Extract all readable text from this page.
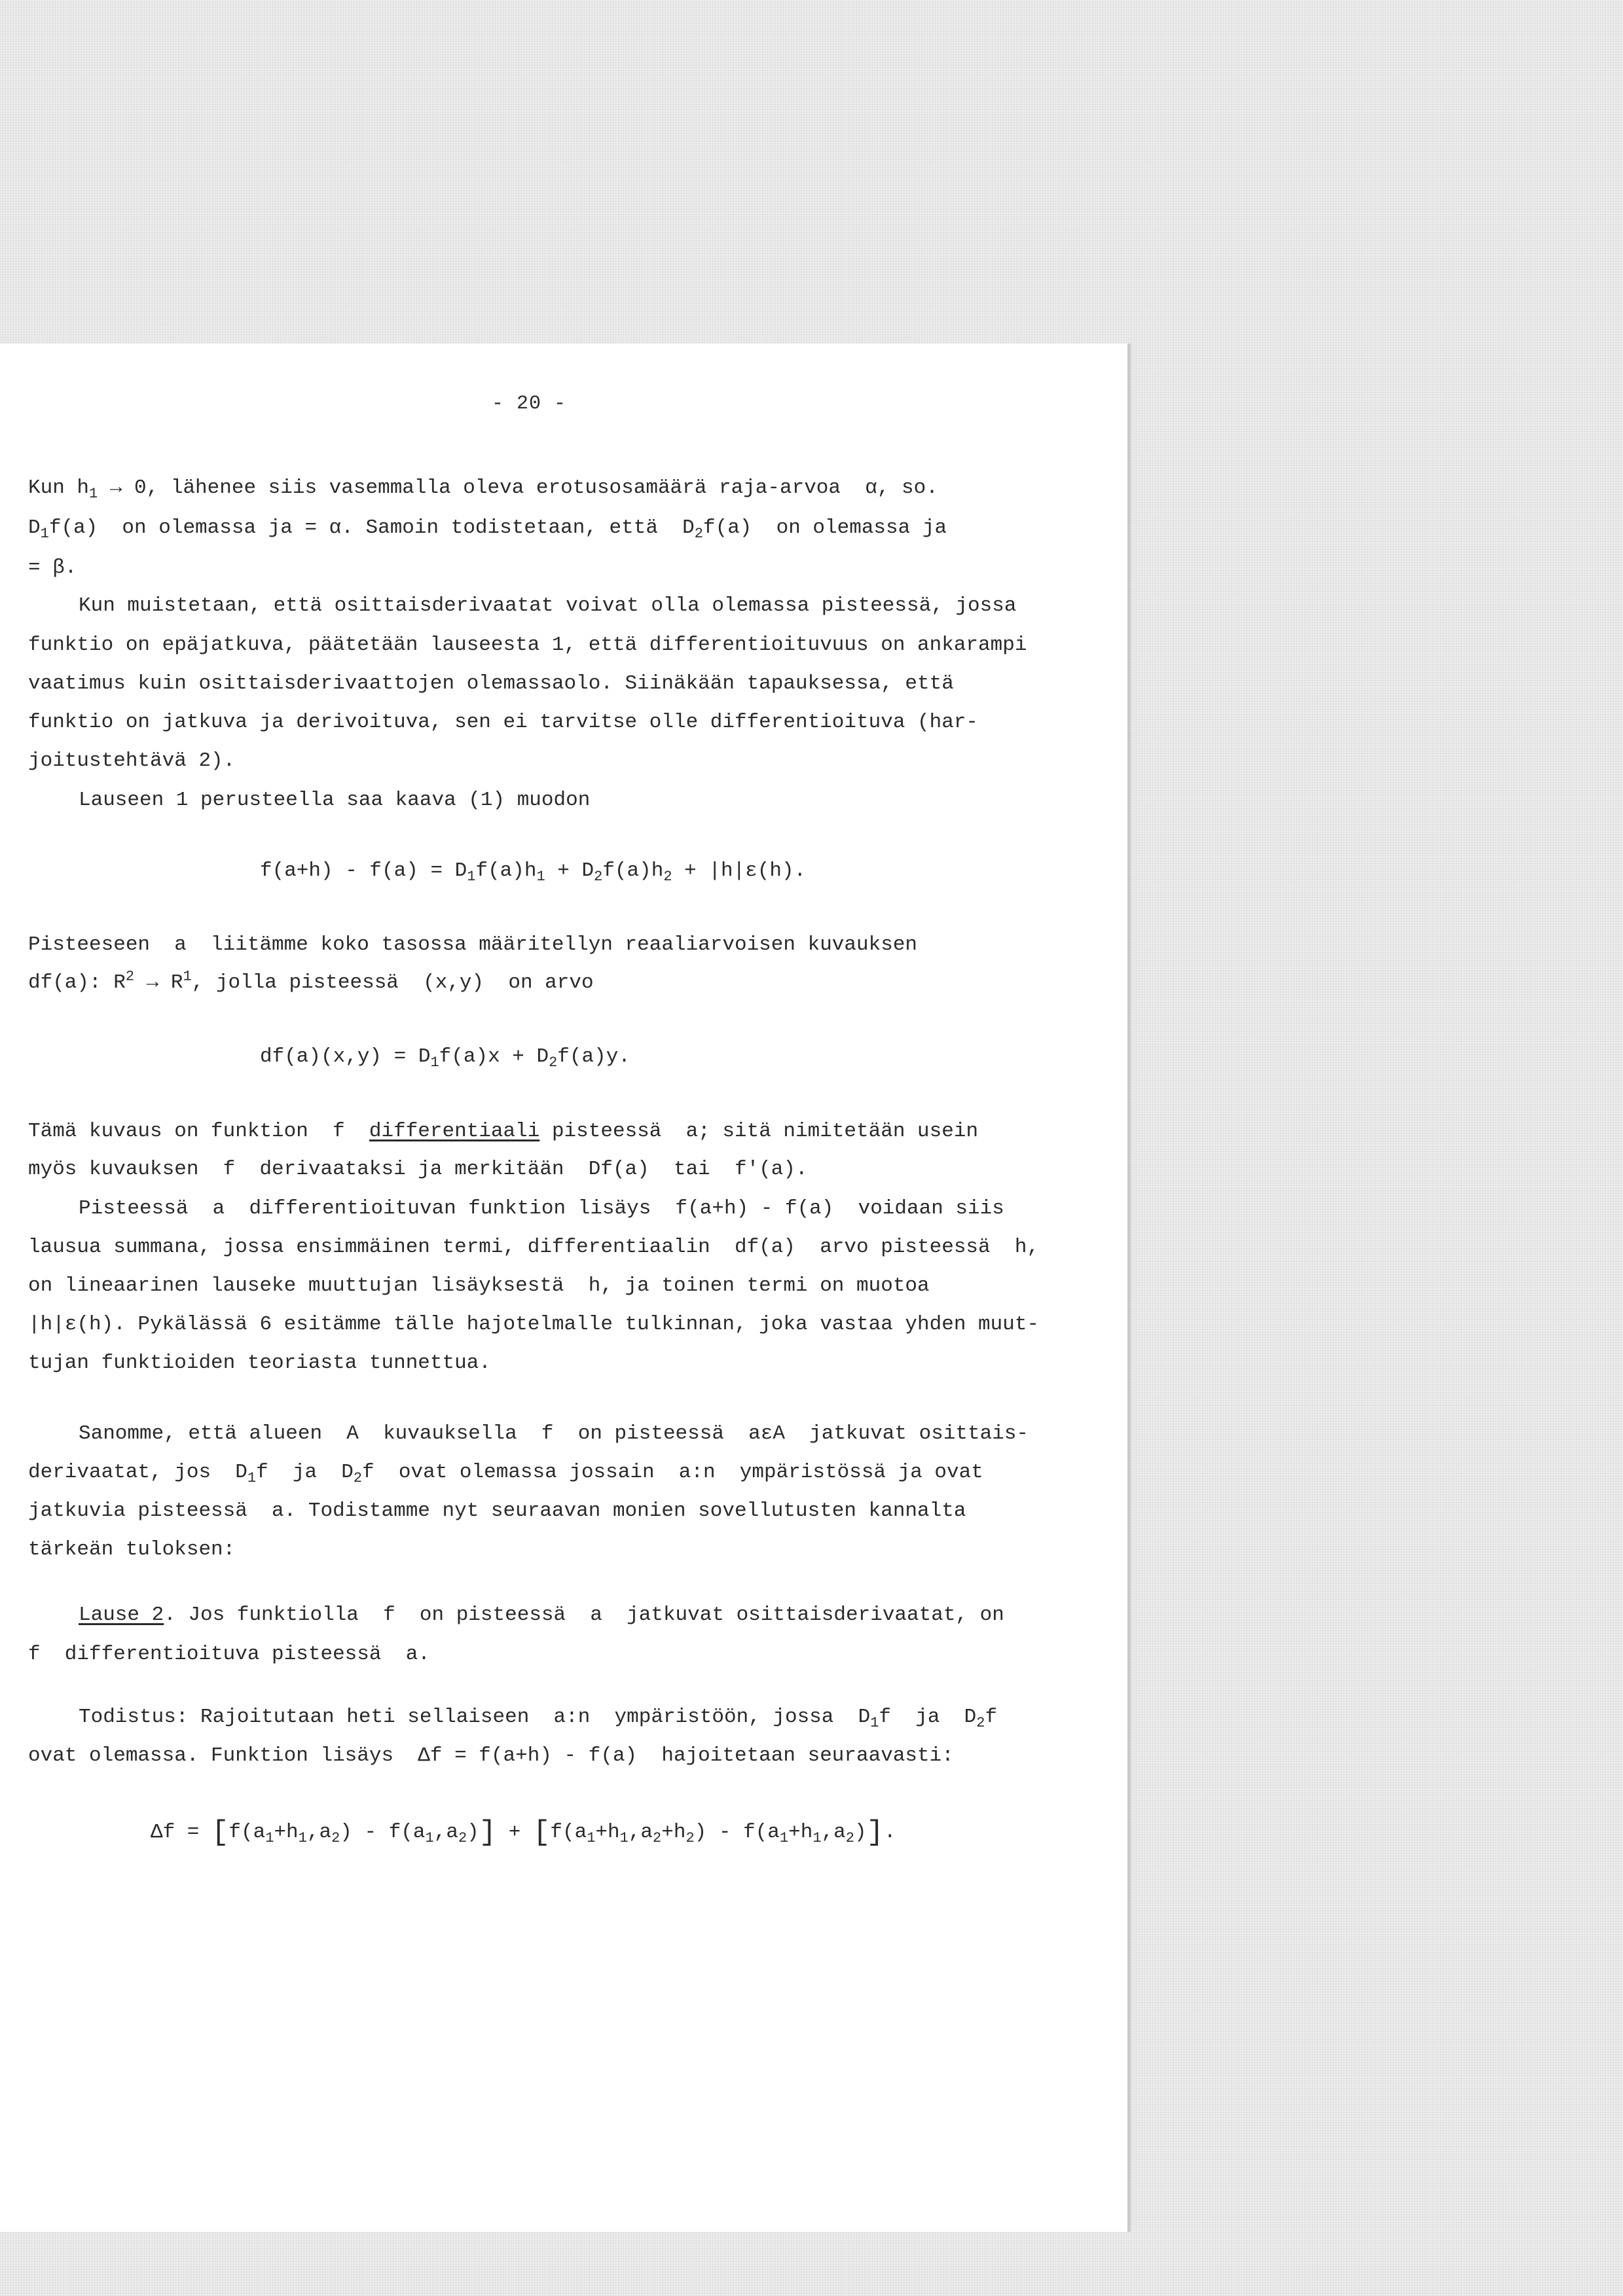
- 20 -
Kun $h_1 \to 0$, lähenee siis vasemmalla oleva erotusosamäärä raja-arvoa  α, so.
$D_1f(a)$  on olemassa ja = α. Samoin todistetaan, että  $D_2f(a)$  on olemassa ja
= β.
Kun muistetaan, että osittaisderivaatat voivat olla olemassa pisteessä, jossa
funktio on epäjatkuva, päätetään lauseesta 1, että differentioituvuus on ankarampi
vaatimus kuin osittaisderivaattojen olemassaolo. Siinäkään tapauksessa, että
funktio on jatkuva ja derivoituva, sen ei tarvitse olle differentioituva (har-
joitustehtävä 2).
Lauseen 1 perusteella saa kaava (1) muodon
$f(a+h) - f(a) = D_1f(a)h_1 + D_2f(a)h_2 + |h|\varepsilon(h)$.
Pisteeseen  a  liitämme koko tasossa määritellyn reaaliarvoisen kuvauksen
df(a): $R^2 \to R^1$, jolla pisteessä  (x,y)  on arvo
$df(a)(x,y) = D_1f(a)x + D_2f(a)y$.
Tämä kuvaus on funktion  f  differentiaali pisteessä  a; sitä nimitetään usein
myös kuvauksen  f  derivaataksi ja merkitään  Df(a)  tai  f'(a).
Pisteessä  a  differentioituvan funktion lisäys  f(a+h) - f(a)  voidaan siis
lausua summana, jossa ensimmäinen termi, differentiaalin  df(a)  arvo pisteessä  h,
on lineaarinen lauseke muuttujan lisäyksestä  h, ja toinen termi on muotoa
|h|ε(h). Pykälässä 6 esitämme tälle hajotelmalle tulkinnan, joka vastaa yhden muut-
tujan funktioiden teoriasta tunnettua.
Sanomme, että alueen  A  kuvauksella  f  on pisteessä  aεA  jatkuvat osittais-
derivaatat, jos  $D_1f$  ja  $D_2f$  ovat olemassa jossain  a:n  ympäristössä ja ovat
jatkuvia pisteessä  a. Todistamme nyt seuraavan monien sovellutusten kannalta
tärkeän tuloksen:
Lause 2. Jos funktiolla  f  on pisteessä  a  jatkuvat osittaisderivaatat, on
f  differentioituva pisteessä  a.
Todistus: Rajoitutaan heti sellaiseen  a:n  ympäristöön, jossa  $D_1f$  ja  $D_2f$
ovat olemassa. Funktion lisäys  Δf = f(a+h) - f(a)  hajoitetaan seuraavasti:
$\Delta f = [f(a_1+h_1,a_2) - f(a_1,a_2)] + [f(a_1+h_1,a_2+h_2) - f(a_1+h_1,a_2)]$.
